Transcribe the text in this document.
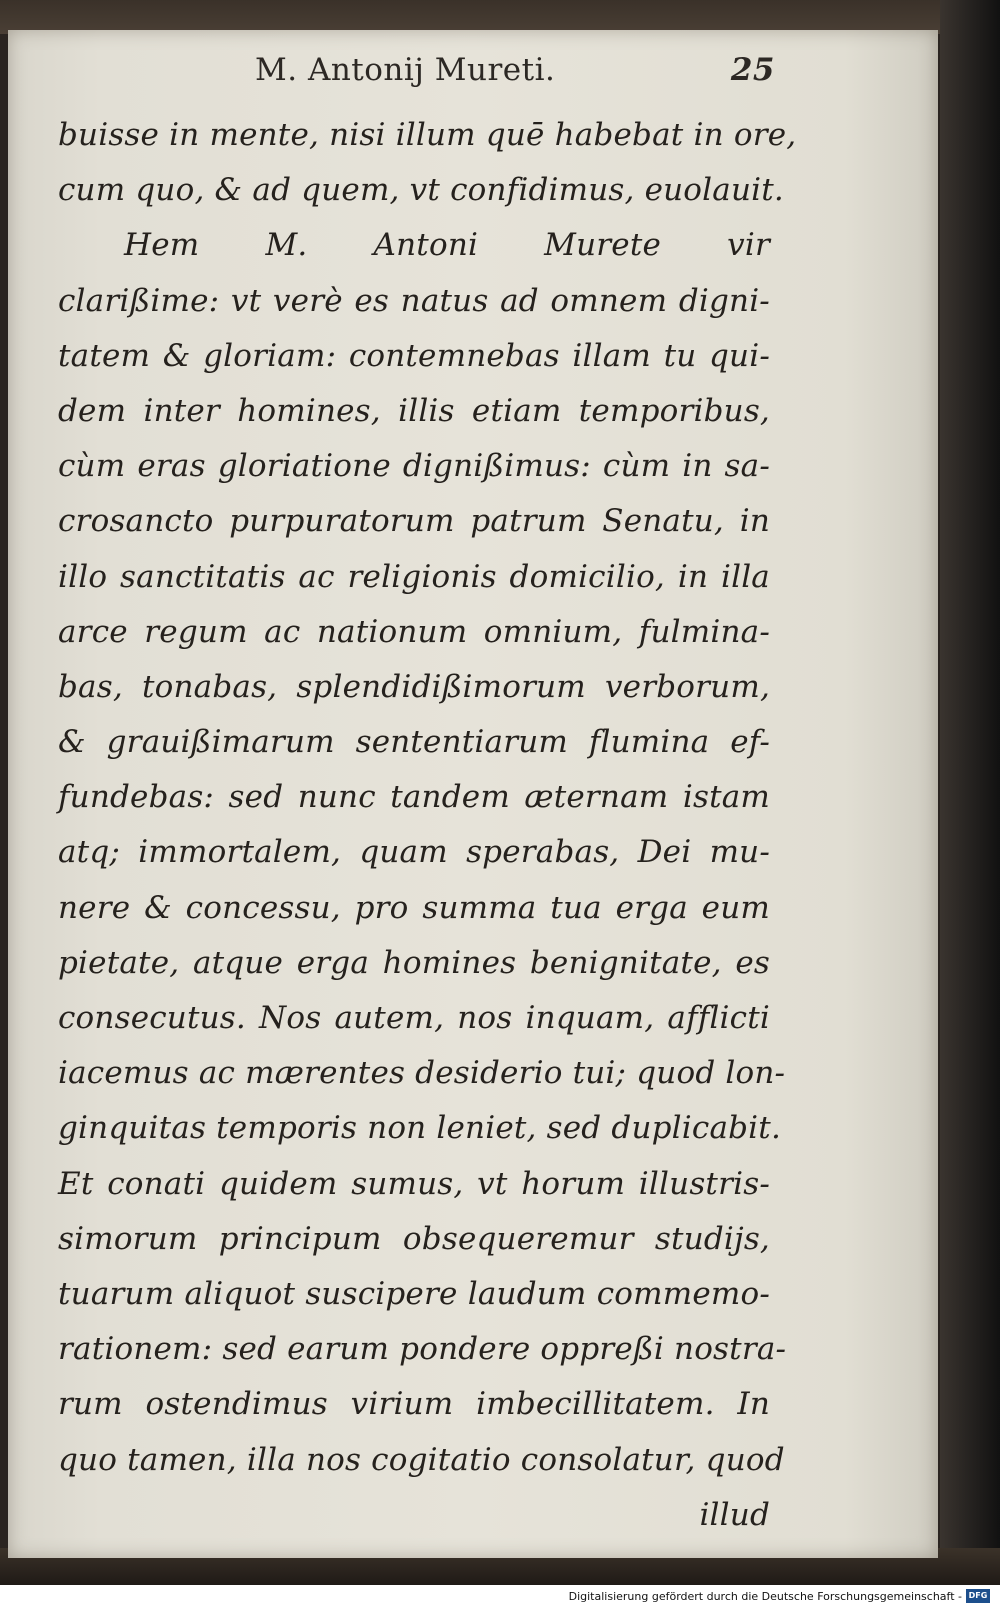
M. Antonij Mureti.	25
buisse in mente, nisi illum quē habebat in ore,
cum quo, & ad quem, vt confidimus, euolauit.
Hem M. Antoni Murete vir
clarißime: vt verè es natus ad omnem digni-
tatem & gloriam: contemnebas illam tu qui-
dem inter homines, illis etiam temporibus,
cùm eras gloriatione dignißimus: cùm in sa-
crosancto purpuratorum patrum Senatu, in
illo sanctitatis ac religionis domicilio, in illa
arce regum ac nationum omnium, fulmina-
bas, tonabas, splendidißimorum verborum,
& grauißimarum sententiarum flumina ef-
fundebas: sed nunc tandem æternam istam
atq; immortalem, quam sperabas, Dei mu-
nere & concessu, pro summa tua erga eum
pietate, atque erga homines benignitate, es
consecutus. Nos autem, nos inquam, afflicti
iacemus ac mærentes desiderio tui; quod lon-
ginquitas temporis non leniet, sed duplicabit.
Et conati quidem sumus, vt horum illustris-
simorum principum obsequeremur studijs,
tuarum aliquot suscipere laudum commemo-
rationem: sed earum pondere oppreßi nostra-
rum ostendimus virium imbecillitatem. In
quo tamen, illa nos cogitatio consolatur, quod
illud
Digitalisierung gefördert durch die Deutsche Forschungsgemeinschaft - DFG
